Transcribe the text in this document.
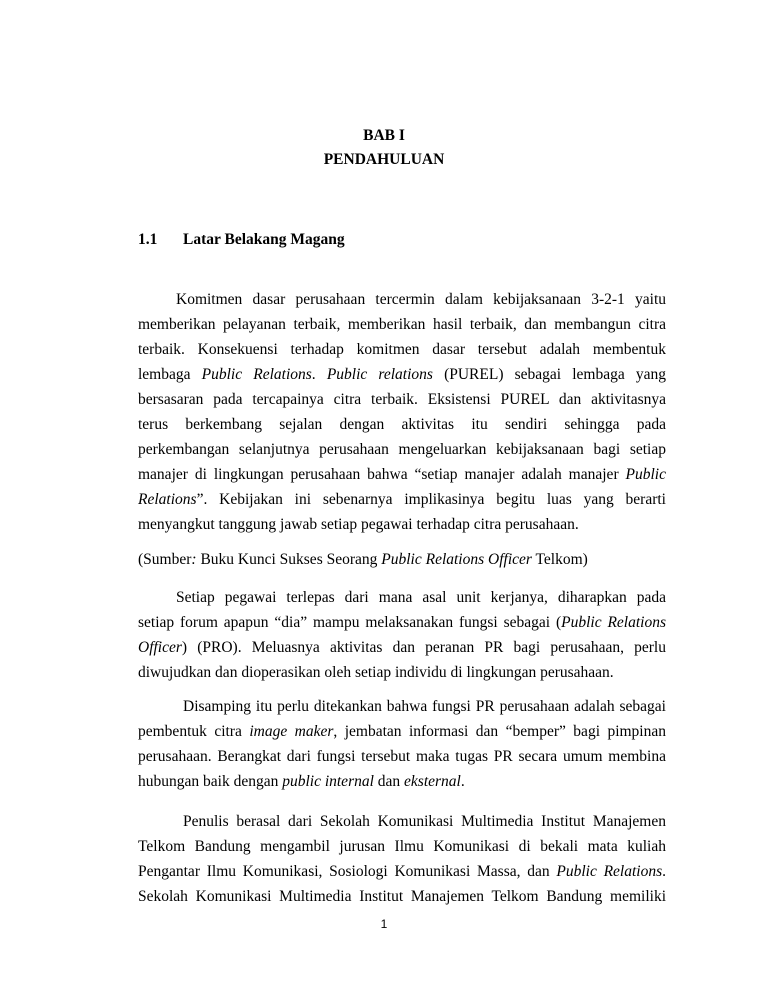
BAB I
PENDAHULUAN
1.1 Latar Belakang Magang
Komitmen dasar perusahaan tercermin dalam kebijaksanaan 3-2-1 yaitu
memberikan pelayanan terbaik, memberikan hasil terbaik, dan membangun citra
terbaik. Konsekuensi terhadap komitmen dasar tersebut adalah membentuk
lembaga Public Relations. Public relations (PUREL) sebagai lembaga yang
bersasaran pada tercapainya citra terbaik. Eksistensi PUREL dan aktivitasnya
terus berkembang sejalan dengan aktivitas itu sendiri sehingga pada
perkembangan selanjutnya perusahaan mengeluarkan kebijaksanaan bagi setiap
manajer di lingkungan perusahaan bahwa “setiap manajer adalah manajer Public
Relations”. Kebijakan ini sebenarnya implikasinya begitu luas yang berarti
menyangkut tanggung jawab setiap pegawai terhadap citra perusahaan.
(Sumber: Buku Kunci Sukses Seorang Public Relations Officer Telkom)
Setiap pegawai terlepas dari mana asal unit kerjanya, diharapkan pada
setiap forum apapun “dia” mampu melaksanakan fungsi sebagai (Public Relations
Officer) (PRO). Meluasnya aktivitas dan peranan PR bagi perusahaan, perlu
diwujudkan dan dioperasikan oleh setiap individu di lingkungan perusahaan.
Disamping itu perlu ditekankan bahwa fungsi PR perusahaan adalah sebagai
pembentuk citra image maker, jembatan informasi dan “bemper” bagi pimpinan
perusahaan. Berangkat dari fungsi tersebut maka tugas PR secara umum membina
hubungan baik dengan public internal dan eksternal.
Penulis berasal dari Sekolah Komunikasi Multimedia Institut Manajemen
Telkom Bandung mengambil jurusan Ilmu Komunikasi di bekali mata kuliah
Pengantar Ilmu Komunikasi, Sosiologi Komunikasi Massa, dan Public Relations.
Sekolah Komunikasi Multimedia Institut Manajemen Telkom Bandung memiliki
1
